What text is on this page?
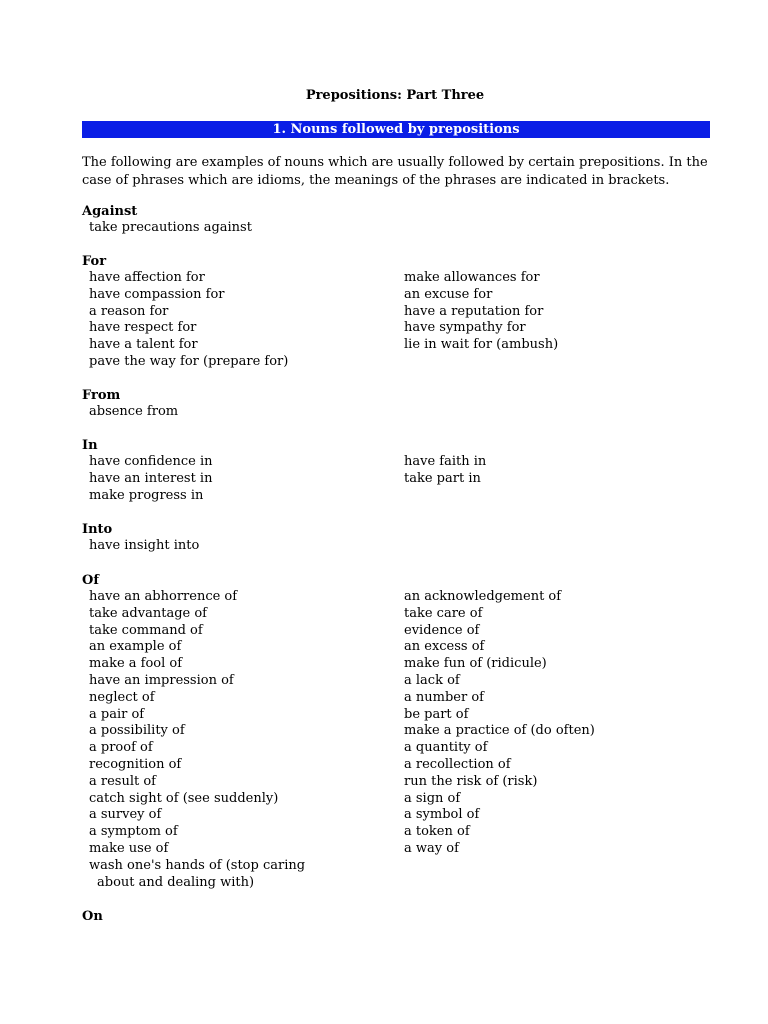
Prepositions: Part Three
1. Nouns followed by prepositions
The following are examples of nouns which are usually followed by certain prepositions. In the case of phrases which are idioms, the meanings of the phrases are indicated in brackets.
Against
take precautions against
For
have affection for	make allowances for
have compassion for	an excuse for
a reason for	have a reputation for
have respect for	have sympathy for
have a talent for	lie in wait for (ambush)
pave the way for (prepare for)
From
absence from
In
have confidence in	have faith in
have an interest in	take part in
make progress in
Into
have insight into
Of
have an abhorrence of	an acknowledgement of
take advantage of	take care of
take command of	evidence of
an example of	an excess of
make a fool of	make fun of (ridicule)
have an impression of	a lack of
neglect of	a number of
a pair of	be part of
a possibility of	make a practice of (do often)
a proof of	a quantity of
recognition of	a recollection of
a result of	run the risk of (risk)
catch sight of (see suddenly)	a sign of
a survey of	a symbol of
a symptom of	a token of
make use of	a way of
wash one's hands of (stop caring
about and dealing with)
On
